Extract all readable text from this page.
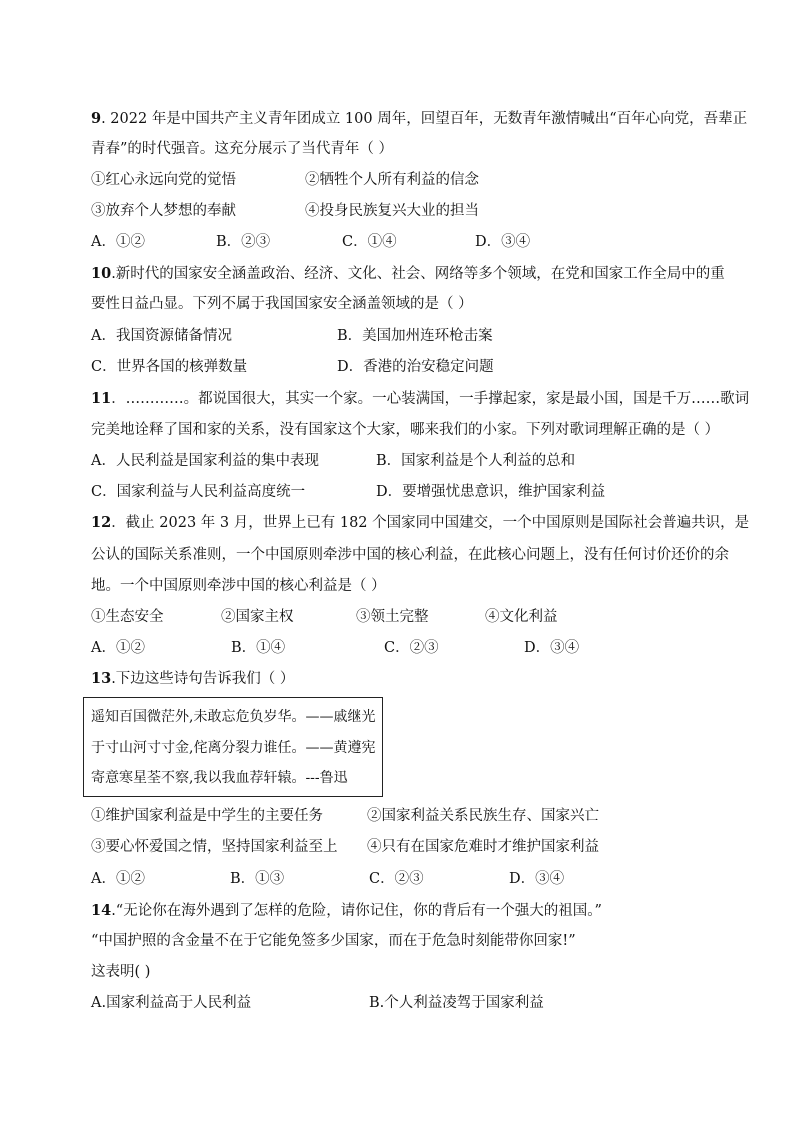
9. 2022 年是中国共产主义青年团成立 100 周年，回望百年，无数青年激情喊出“百年心向党，吾辈正
青春”的时代强音。这充分展示了当代青年（ ）
①红心永远向党的觉悟	②牺牲个人所有利益的信念
③放弃个人梦想的奉献	④投身民族复兴大业的担当
A．①②	B．②③	C．①④	D．③④
10.新时代的国家安全涵盖政治、经济、文化、社会、网络等多个领域，在党和国家工作全局中的重
要性日益凸显。下列不属于我国国家安全涵盖领域的是（ ）
A．我国资源储备情况	B．美国加州连环枪击案
C．世界各国的核弹数量	D．香港的治安稳定问题
11．…………。都说国很大，其实一个家。一心装满国，一手撑起家，家是最小国，国是千万……歌词
完美地诠释了国和家的关系，没有国家这个大家，哪来我们的小家。下列对歌词理解正确的是（ ）
A．人民利益是国家利益的集中表现	B．国家利益是个人利益的总和
C．国家利益与人民利益高度统一	D．要增强忧患意识，维护国家利益
12．截止 2023 年 3 月，世界上已有 182 个国家同中国建交，一个中国原则是国际社会普遍共识，是
公认的国际关系准则，一个中国原则牵涉中国的核心利益，在此核心问题上，没有任何讨价还价的余
地。一个中国原则牵涉中国的核心利益是（ ）
①生态安全	②国家主权	③领土完整	④文化利益
A．①②	B．①④	C．②③	D．③④
13.下边这些诗句告诉我们（ ）
遥知百国微茫外,未敢忘危负岁华。——戚继光
于寸山河寸寸金,侘离分裂力谁任。——黄遵宪
寄意寒星荃不察,我以我血荐轩辕。---鲁迅
①维护国家利益是中学生的主要任务	②国家利益关系民族生存、国家兴亡
③要心怀爱国之情，坚持国家利益至上 ④只有在国家危难时才维护国家利益
A．①②	B．①③	C．②③	D．③④
14.“无论你在海外遇到了怎样的危险，请你记住，你的背后有一个强大的祖国。”
“中国护照的含金量不在于它能免签多少国家，而在于危急时刻能带你回家!”
这表明( )
A.国家利益高于人民利益	B.个人利益凌驾于国家利益
